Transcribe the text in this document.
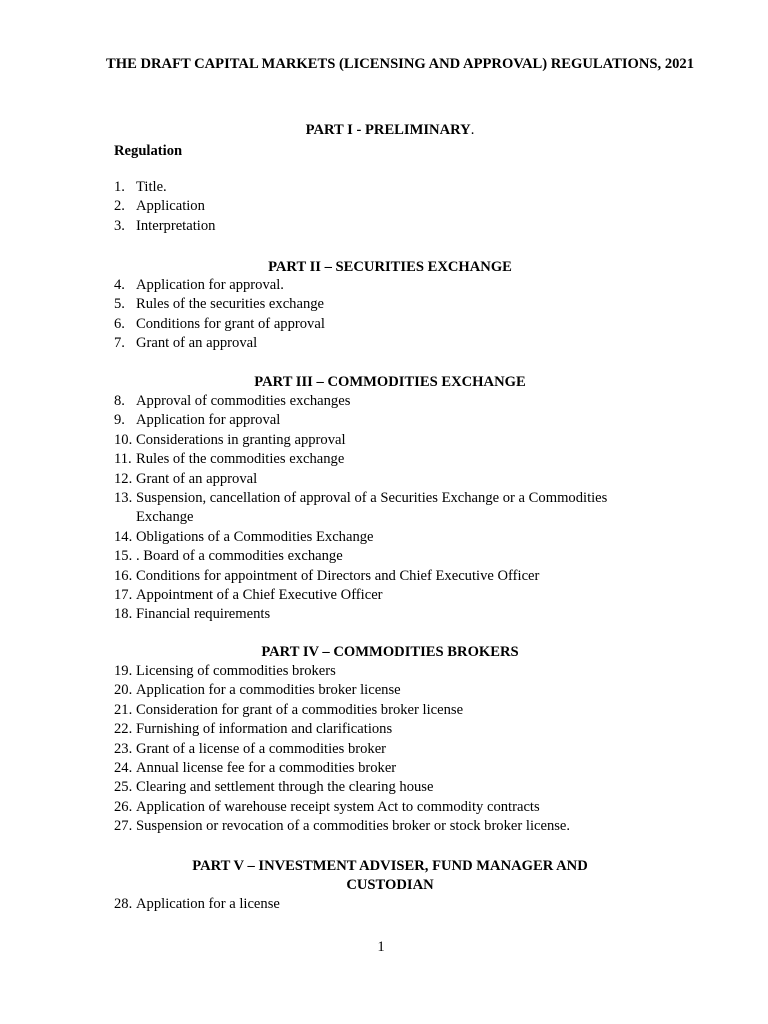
THE DRAFT CAPITAL MARKETS (LICENSING AND APPROVAL) REGULATIONS, 2021
PART I - PRELIMINARY.
Regulation
1. Title.
2. Application
3. Interpretation
PART II – SECURITIES EXCHANGE
4. Application for approval.
5. Rules of the securities exchange
6. Conditions for grant of approval
7. Grant of an approval
PART III – COMMODITIES EXCHANGE
8. Approval of commodities exchanges
9. Application for approval
10. Considerations in granting approval
11. Rules of the commodities exchange
12. Grant of an approval
13. Suspension, cancellation of approval of a Securities Exchange or a Commodities Exchange
14. Obligations of a Commodities Exchange
15. . Board of a commodities exchange
16. Conditions for appointment of Directors and Chief Executive Officer
17. Appointment of a Chief Executive Officer
18. Financial requirements
PART IV – COMMODITIES BROKERS
19. Licensing of commodities brokers
20. Application for a commodities broker license
21. Consideration for grant of a commodities broker license
22. Furnishing of information and clarifications
23. Grant of a license of a commodities broker
24. Annual license fee for a commodities broker
25. Clearing and settlement through the clearing house
26. Application of warehouse receipt system Act to commodity contracts
27. Suspension or revocation of a commodities broker or stock broker license.
PART V – INVESTMENT ADVISER, FUND MANAGER AND
CUSTODIAN
28. Application for a license
1
